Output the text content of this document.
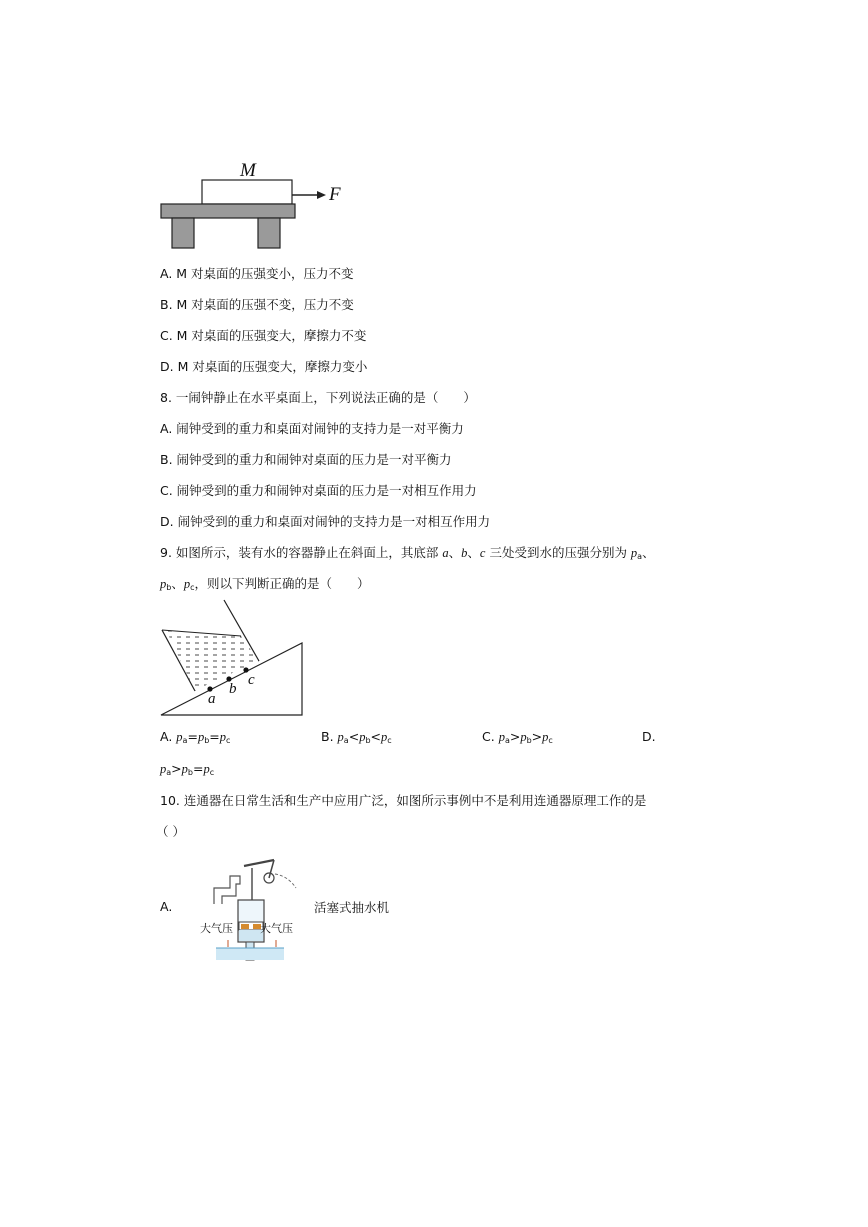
M
F
A. M 对桌面的压强变小，压力不变
B. M 对桌面的压强不变，压力不变
C. M 对桌面的压强变大，摩擦力不变
D. M 对桌面的压强变大，摩擦力变小
8. 一闹钟静止在水平桌面上，下列说法正确的是（　　）
A. 闹钟受到的重力和桌面对闹钟的支持力是一对平衡力
B. 闹钟受到的重力和闹钟对桌面的压力是一对平衡力
C. 闹钟受到的重力和闹钟对桌面的压力是一对相互作用力
D. 闹钟受到的重力和桌面对闹钟的支持力是一对相互作用力
9. 如图所示，装有水的容器静止在斜面上，其底部 a、b、c 三处受到水的压强分别为 $p_a$、
$p_b$、$p_c$，则以下判断正确的是（　　）
a
b
c
A. $p_a=p_b=p_c$	B. $p_a<p_b<p_c$	C. $p_a>p_b>p_c$	D.
$p_a>p_b=p_c$
10. 连通器在日常生活和生产中应用广泛，如图所示事例中不是利用连通器原理工作的是
（ ）
A.
大气压 大气压
活塞式抽水机
